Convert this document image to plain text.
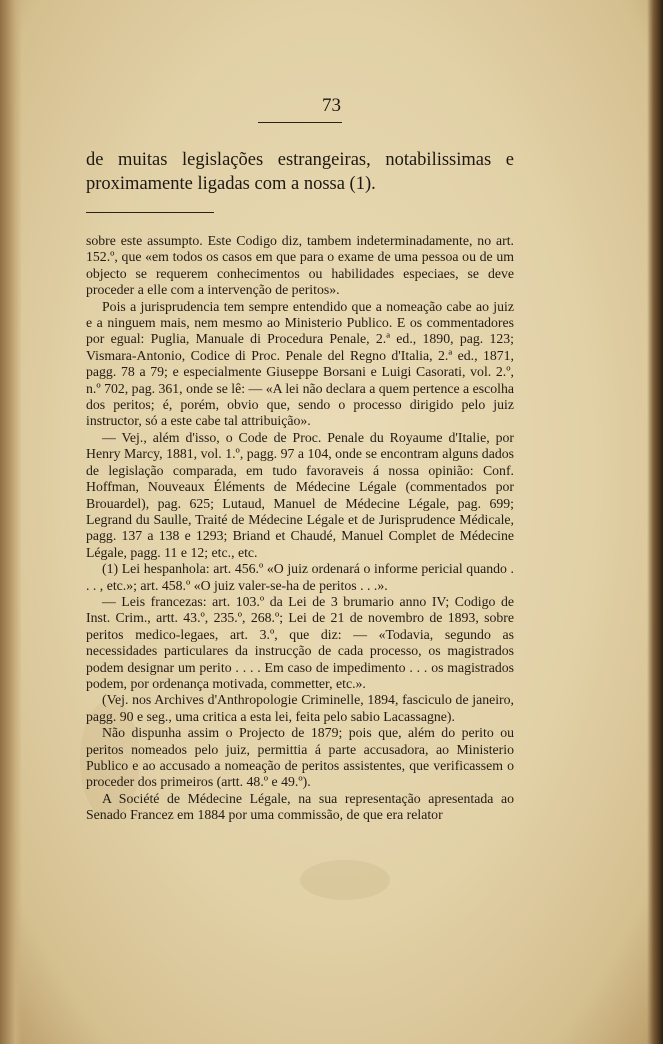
73
de muitas legislações estrangeiras, notabilissimas e proximamente ligadas com a nossa (1).

sobre este assumpto. Este Codigo diz, tambem indeterminadamente, no art. 152.º, que «em todos os casos em que para o exame de uma pessoa ou de um objecto se requerem conhecimentos ou habilidades especiaes, se deve proceder a elle com a intervenção de peritos».

Pois a jurisprudencia tem sempre entendido que a nomeação cabe ao juiz e a ninguem mais, nem mesmo ao Ministerio Publico. E os commentadores por egual: Puglia, Manuale di Procedura Penale, 2.ª ed., 1890, pag. 123; Vismara-Antonio, Codice di Proc. Penale del Regno d'Italia, 2.ª ed., 1871, pagg. 78 a 79; e especialmente Giuseppe Borsani e Luigi Casorati, vol. 2.º, n.º 702, pag. 361, onde se lê: — «A lei não declara a quem pertence a escolha dos peritos; é, porém, obvio que, sendo o processo dirigido pelo juiz instructor, só a este cabe tal attribuição».

— Vej., além d'isso, o Code de Proc. Penale du Royaume d'Italie, por Henry Marcy, 1881, vol. 1.º, pagg. 97 a 104, onde se encontram alguns dados de legislação comparada, em tudo favoraveis á nossa opinião: Conf. Hoffman, Nouveaux Éléments de Médecine Légale (commentados por Brouardel), pag. 625; Lutaud, Manuel de Médecine Légale, pag. 699; Legrand du Saulle, Traité de Médecine Légale et de Jurisprudence Médicale, pagg. 137 a 138 e 1293; Briand et Chaudé, Manuel Complet de Médecine Légale, pagg. 11 e 12; etc., etc.

(1) Lei hespanhola: art. 456.º «O juiz ordenará o informe pericial quando . . . , etc.»; art. 458.º «O juiz valer-se-ha de peritos . . .».

— Leis francezas: art. 103.º da Lei de 3 brumario anno IV; Codigo de Inst. Crim., artt. 43.º, 235.º, 268.º; Lei de 21 de novembro de 1893, sobre peritos medico-legaes, art. 3.º, que diz: — «Todavia, segundo as necessidades particulares da instrucção de cada processo, os magistrados podem designar um perito . . . . Em caso de impedimento . . . os magistrados podem, por ordenança motivada, commetter, etc.».

(Vej. nos Archives d'Anthropologie Criminelle, 1894, fasciculo de janeiro, pagg. 90 e seg., uma critica a esta lei, feita pelo sabio Lacassagne).

Não dispunha assim o Projecto de 1879; pois que, além do perito ou peritos nomeados pelo juiz, permittia á parte accusadora, ao Ministerio Publico e ao accusado a nomeação de peritos assistentes, que verificassem o proceder dos primeiros (artt. 48.º e 49.º).

A Société de Médecine Légale, na sua representação apresentada ao Senado Francez em 1884 por uma commissão, de que era relator
